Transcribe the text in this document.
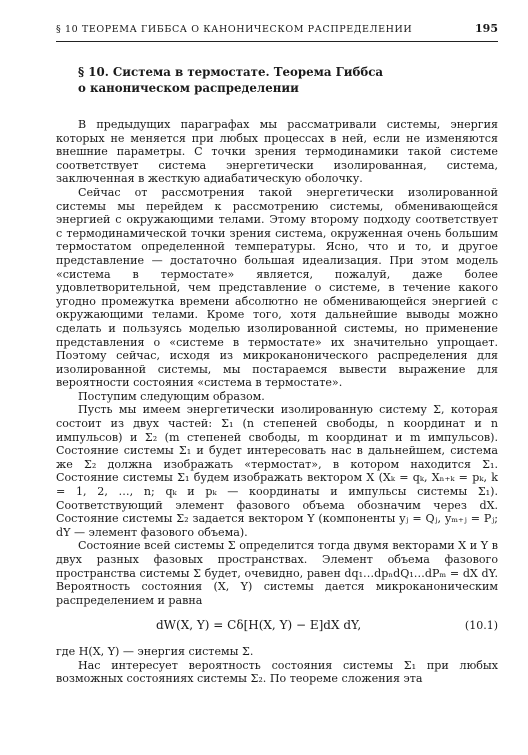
§ 10 ТЕОРЕМА ГИББСА О КАНОНИЧЕСКОМ РАСПРЕДЕЛЕНИИ	195
§ 10. Система в термостате. Теорема Гиббса
о каноническом распределении

В предыдущих параграфах мы рассматривали системы, энергия которых не меняется при любых процессах в ней, если не изменяются внешние параметры. С точки зрения термодинамики такой системе соответствует система энергетически изолированная, система, заключенная в жесткую адиабатическую оболочку.

Сейчас от рассмотрения такой энергетически изолированной системы мы перейдем к рассмотрению системы, обменивающейся энергией с окружающими телами. Этому второму подходу соответствует с термодинамической точки зрения система, окруженная очень большим термостатом определенной температуры. Ясно, что и то, и другое представление — достаточно большая идеализация. При этом модель «система в термостате» является, пожалуй, даже более удовлетворительной, чем представление о системе, в течение какого угодно промежутка времени абсолютно не обменивающейся энергией с окружающими телами. Кроме того, хотя дальнейшие выводы можно сделать и пользуясь моделью изолированной системы, но применение представления о «системе в термостате» их значительно упрощает. Поэтому сейчас, исходя из микроканонического распределения для изолированной системы, мы постараемся вывести выражение для вероятности состояния «система в термостате».

Поступим следующим образом.

Пусть мы имеем энергетически изолированную систему Σ, которая состоит из двух частей: Σ₁ (n степеней свободы, n координат и n импульсов) и Σ₂ (m степеней свободы, m координат и m импульсов). Состояние системы Σ₁ и будет интересовать нас в дальнейшем, система же Σ₂ должна изображать «термостат», в котором находится Σ₁. Состояние системы Σ₁ будем изображать вектором X (Xₖ = qₖ, Xₙ₊ₖ = pₖ, k = 1, 2, …, n; qₖ и pₖ — координаты и импульсы системы Σ₁). Соответствующий элемент фазового объема обозначим через dX. Состояние системы Σ₂ задается вектором Y (компоненты yⱼ = Qⱼ, yₘ₊ⱼ = Pⱼ; dY — элемент фазового объема).

Состояние всей системы Σ определится тогда двумя векторами X и Y в двух разных фазовых пространствах. Элемент объема фазового пространства системы Σ будет, очевидно, равен dq₁…dpₙdQ₁…dPₘ = dX dY. Вероятность состояния (X, Y) системы дается микроканоническим распределением и равна

dW(X, Y) = Cδ[H(X, Y) − E]dX dY,	(10.1)

где H(X, Y) — энергия системы Σ.

Нас интересует вероятность состояния системы Σ₁ при любых возможных состояниях системы Σ₂. По теореме сложения эта
